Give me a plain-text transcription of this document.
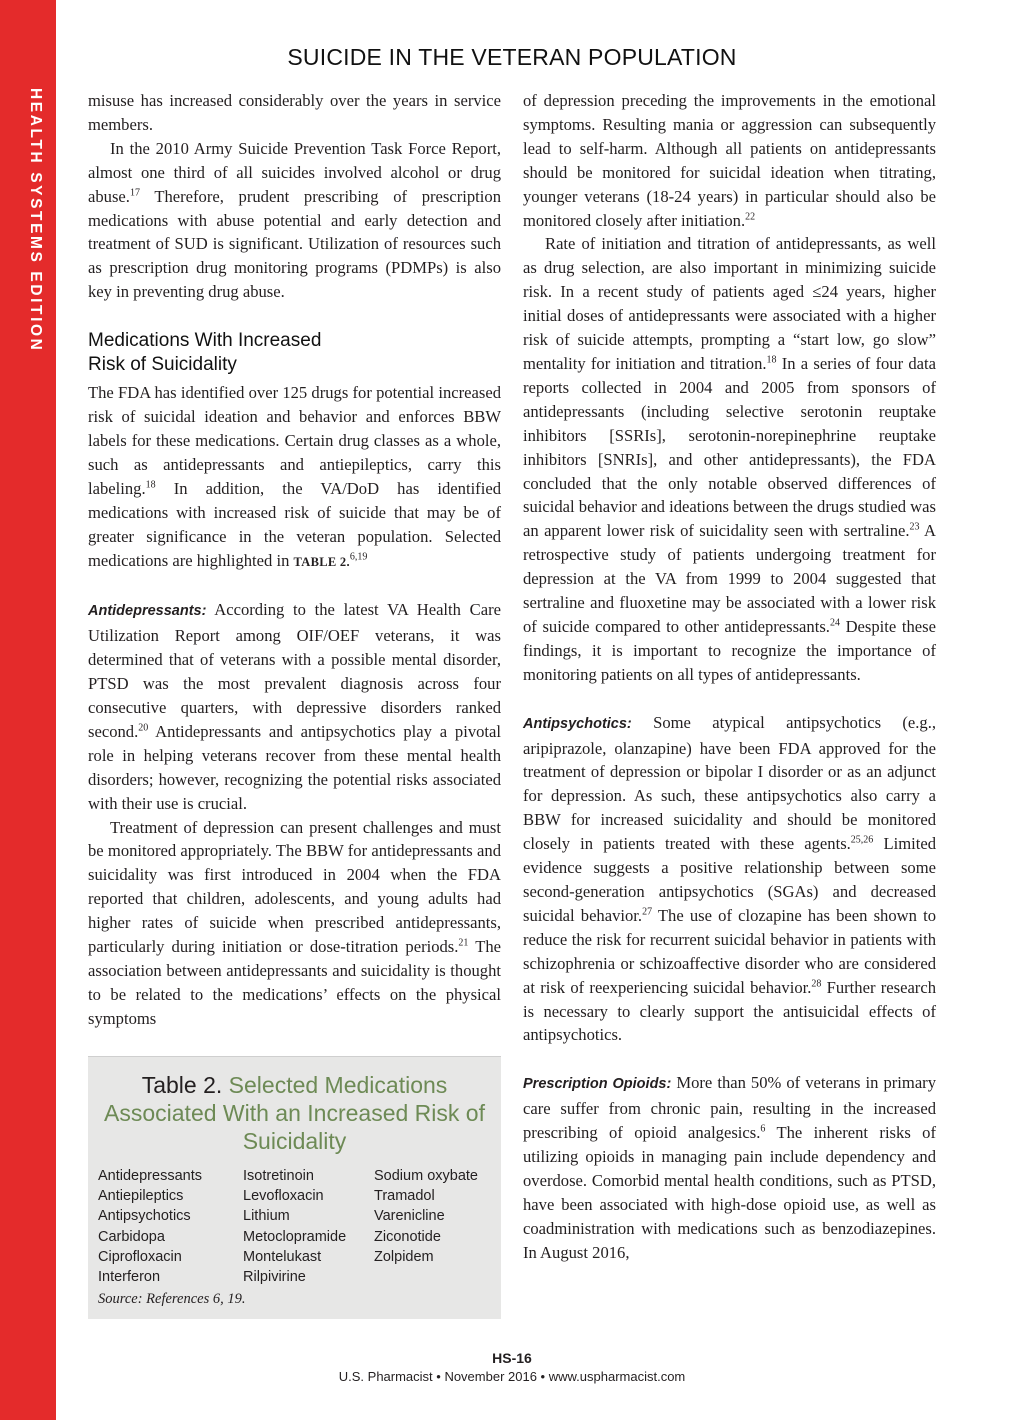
HEALTH SYSTEMS EDITION
SUICIDE IN THE VETERAN POPULATION

misuse has increased considerably over the years in service members.

In the 2010 Army Suicide Prevention Task Force Report, almost one third of all suicides involved alcohol or drug abuse.$^{17}$ Therefore, prudent prescribing of prescription medications with abuse potential and early detection and treatment of SUD is significant. Utilization of resources such as prescription drug monitoring programs (PDMPs) is also key in preventing drug abuse.

Medications With Increased
Risk of Suicidality

The FDA has identified over 125 drugs for potential increased risk of suicidal ideation and behavior and enforces BBW labels for these medications. Certain drug classes as a whole, such as antidepressants and antiepileptics, carry this labeling.$^{18}$ In addition, the VA/DoD has identified medications with increased risk of suicide that may be of greater significance in the veteran population. Selected medications are highlighted in TABLE 2.$^{6,19}$

Antidepressants: According to the latest VA Health Care Utilization Report among OIF/OEF veterans, it was determined that of veterans with a possible mental disorder, PTSD was the most prevalent diagnosis across four consecutive quarters, with depressive disorders ranked second.$^{20}$ Antidepressants and antipsychotics play a pivotal role in helping veterans recover from these mental health disorders; however, recognizing the potential risks associated with their use is crucial.

Treatment of depression can present challenges and must be monitored appropriately. The BBW for antidepressants and suicidality was first introduced in 2004 when the FDA reported that children, adolescents, and young adults had higher rates of suicide when prescribed antidepressants, particularly during initiation or dose-titration periods.$^{21}$ The association between antidepressants and suicidality is thought to be related to the medications’ effects on the physical symptoms

Table 2. Selected Medications Associated With an Increased Risk of Suicidality
Antidepressants
Antiepileptics
Antipsychotics
Carbidopa
Ciprofloxacin
Interferon
Isotretinoin
Levofloxacin
Lithium
Metoclopramide
Montelukast
Rilpivirine
Sodium oxybate
Tramadol
Varenicline
Ziconotide
Zolpidem
Source: References 6, 19.

of depression preceding the improvements in the emotional symptoms. Resulting mania or aggression can subsequently lead to self-harm. Although all patients on antidepressants should be monitored for suicidal ideation when titrating, younger veterans (18-24 years) in particular should also be monitored closely after initiation.$^{22}$

Rate of initiation and titration of antidepressants, as well as drug selection, are also important in minimizing suicide risk. In a recent study of patients aged ≤24 years, higher initial doses of antidepressants were associated with a higher risk of suicide attempts, prompting a “start low, go slow” mentality for initiation and titration.$^{18}$ In a series of four data reports collected in 2004 and 2005 from sponsors of antidepressants (including selective serotonin reuptake inhibitors [SSRIs], serotonin-norepinephrine reuptake inhibitors [SNRIs], and other antidepressants), the FDA concluded that the only notable observed differences of suicidal behavior and ideations between the drugs studied was an apparent lower risk of suicidality seen with sertraline.$^{23}$ A retrospective study of patients undergoing treatment for depression at the VA from 1999 to 2004 suggested that sertraline and fluoxetine may be associated with a lower risk of suicide compared to other antidepressants.$^{24}$ Despite these findings, it is important to recognize the importance of monitoring patients on all types of antidepressants.

Antipsychotics: Some atypical antipsychotics (e.g., aripiprazole, olanzapine) have been FDA approved for the treatment of depression or bipolar I disorder or as an adjunct for depression. As such, these antipsychotics also carry a BBW for increased suicidality and should be monitored closely in patients treated with these agents.$^{25,26}$ Limited evidence suggests a positive relationship between some second-generation antipsychotics (SGAs) and decreased suicidal behavior.$^{27}$ The use of clozapine has been shown to reduce the risk for recurrent suicidal behavior in patients with schizophrenia or schizoaffective disorder who are considered at risk of reexperiencing suicidal behavior.$^{28}$ Further research is necessary to clearly support the antisuicidal effects of antipsychotics.

Prescription Opioids: More than 50% of veterans in primary care suffer from chronic pain, resulting in the increased prescribing of opioid analgesics.$^6$ The inherent risks of utilizing opioids in managing pain include dependency and overdose. Comorbid mental health conditions, such as PTSD, have been associated with high-dose opioid use, as well as coadministration with medications such as benzodiazepines. In August 2016,

HS-16
U.S. Pharmacist • November 2016 • www.uspharmacist.com
